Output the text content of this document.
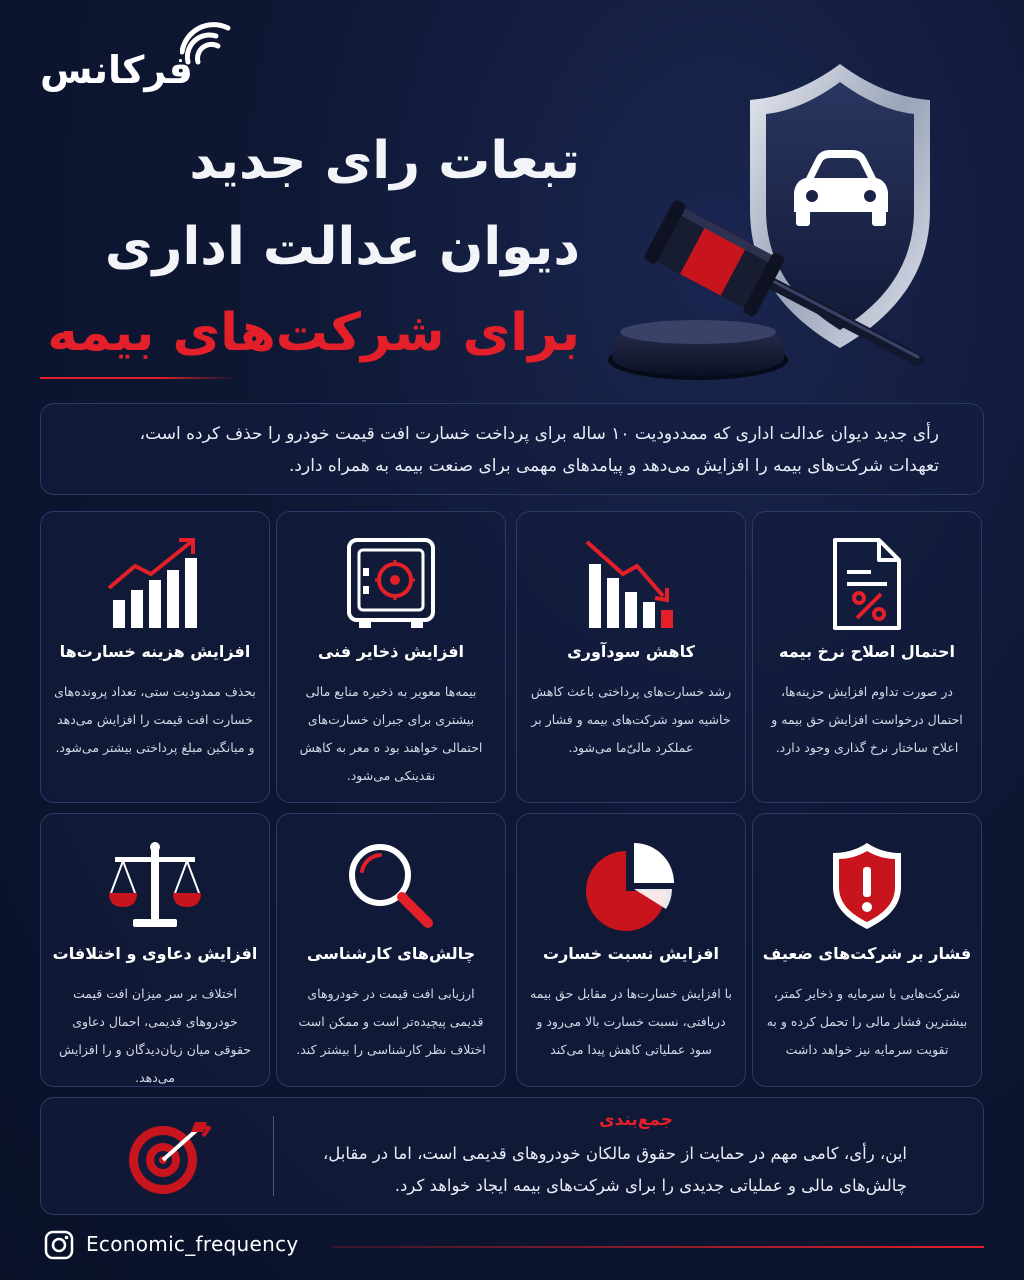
فرکانس
تبعات رای جدید
دیوان عدالت اداری
برای شرکت‌های بیمه
رأی جدید دیوان عدالت اداری که ممددودیت ۱۰ ساله برای پرداخت خسارت افت قیمت خودرو را حذف کرده است،
تعهدات شرکت‌های بیمه را افزایش می‌دهد و پیامدهای مهمی برای صنعت بیمه به همراه دارد.
احتمال اصلاح نرخ بیمه
در صورت تداوم افزایش حزینه‌ها، احتمال درخواست افزایش حق بیمه و اعلاح ساختار نرخ گذاری وجود دارد.
کاهش سودآوری
رشد خسارت‌های پرداختی باعث کاهش خاشیه سود شرکت‌های بیمه و فشار بر عملکرد مالیّ‌ما می‌شود.
افزایش ذخایر فنی
بیمه‌ها معویر به ذخیره منابع مالی بیشتری برای جبران خسارت‌های احتمالی خواهند بود ه معر به کاهش نقدینکی می‌شود.
افزایش هزینه خسارت‌ها
بحذف ممدودیت ستی، تعداد پرونده‌های خسارت افت قیمت را افزایش می‌دهد و میانگین مبلغ پرداختی بیشتر می‌شود.
فشار بر شرکت‌های ضعیف
شرکت‌هایی با سرمایه و ذخایر کمتر، بیشترین فشار مالی را تحمل کرده و ﺑﻪ تقویت سرمایه نیز خواهد داشت
افزایش نسبت خسارت
با افزایش خسارت‌ها در مقابل حق بیمه دریافتی، نسبت خسارت بالا می‌رود و سود عملیاتی کاهش پیدا می‌کند
چالش‌های کارشناسی
ارزیابی افت قیمت در خودروهای قدیمی پیچیده‌تر است و ممکن است اختلاف نظر کارشناسی را بیشتر کند.
افزایش دعاوی و اختلافات
اختلاف بر سر میزان افت قیمت خودروهای قدیمی، احمال دعاوی حقوقی میان زیان‌دیدگان و را افزایش می‌دهد.
جمع‌بندی
این، رأی، کامی مهم در حمایت از حقوق مالکان خودروهای قدیمی است، اما در مقابل،
چالش‌های مالی و عملیاتی جدیدی را برای شرکت‌های بیمه ایجاد خواهد کرد.
Economic_frequency
